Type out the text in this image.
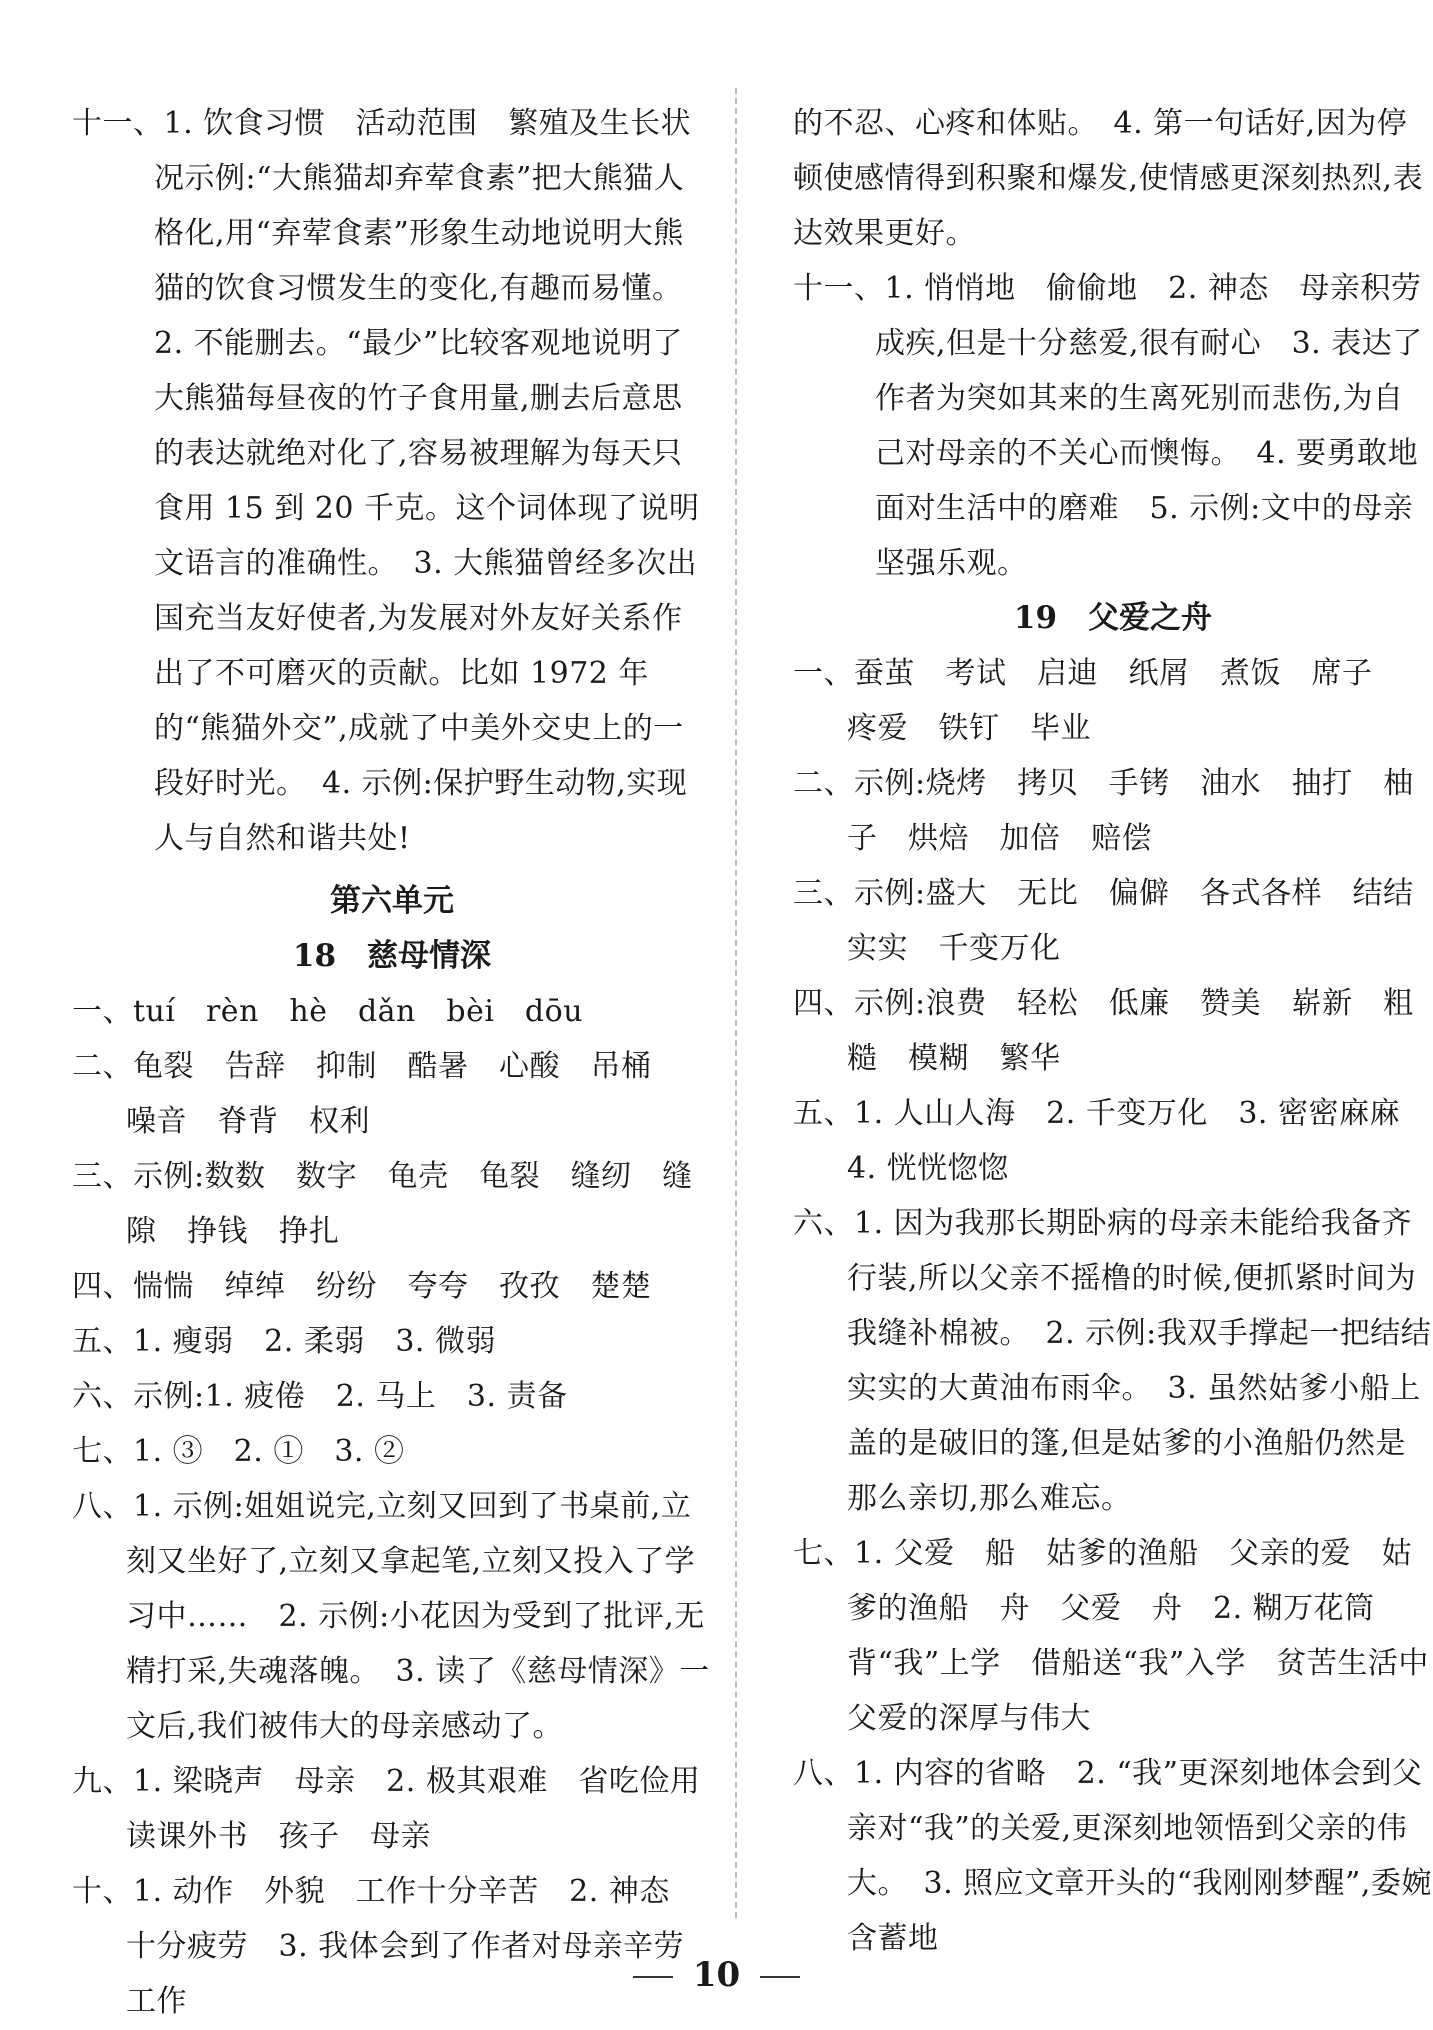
十一、1. 饮食习惯　活动范围　繁殖及生长状况示例:“大熊猫却弃荤食素”把大熊猫人格化,用“弃荤食素”形象生动地说明大熊猫的饮食习惯发生的变化,有趣而易懂。　2. 不能删去。“最少”比较客观地说明了大熊猫每昼夜的竹子食用量,删去后意思的表达就绝对化了,容易被理解为每天只食用 15 到 20 千克。这个词体现了说明文语言的准确性。　3. 大熊猫曾经多次出国充当友好使者,为发展对外友好关系作出了不可磨灭的贡献。比如 1972 年的“熊猫外交”,成就了中美外交史上的一段好时光。　4. 示例:保护野生动物,实现人与自然和谐共处!

第六单元

18　慈母情深

一、tuí　rèn　hè　dǎn　bèi　dōu

二、龟裂　告辞　抑制　酷暑　心酸　吊桶　噪音　脊背　权利

三、示例:数数　数字　龟壳　龟裂　缝纫　缝隙　挣钱　挣扎

四、惴惴　绰绰　纷纷　夸夸　孜孜　楚楚

五、1. 瘦弱　2. 柔弱　3. 微弱

六、示例:1. 疲倦　2. 马上　3. 责备

七、1. ③　2. ①　3. ②

八、1. 示例:姐姐说完,立刻又回到了书桌前,立刻又坐好了,立刻又拿起笔,立刻又投入了学习中……　2. 示例:小花因为受到了批评,无精打采,失魂落魄。　3. 读了《慈母情深》一文后,我们被伟大的母亲感动了。

九、1. 梁晓声　母亲　2. 极其艰难　省吃俭用　读课外书　孩子　母亲

十、1. 动作　外貌　工作十分辛苦　2. 神态　十分疲劳　3. 我体会到了作者对母亲辛劳工作

的不忍、心疼和体贴。　4. 第一句话好,因为停顿使感情得到积聚和爆发,使情感更深刻热烈,表达效果更好。

十一、1. 悄悄地　偷偷地　2. 神态　母亲积劳成疾,但是十分慈爱,很有耐心　3. 表达了作者为突如其来的生离死别而悲伤,为自己对母亲的不关心而懊悔。　4. 要勇敢地面对生活中的磨难　5. 示例:文中的母亲坚强乐观。

19　父爱之舟

一、蚕茧　考试　启迪　纸屑　煮饭　席子　疼爱　铁钉　毕业

二、示例:烧烤　拷贝　手铐　油水　抽打　柚子　烘焙　加倍　赔偿

三、示例:盛大　无比　偏僻　各式各样　结结实实　千变万化

四、示例:浪费　轻松　低廉　赞美　崭新　粗糙　模糊　繁华

五、1. 人山人海　2. 千变万化　3. 密密麻麻　4. 恍恍惚惚

六、1. 因为我那长期卧病的母亲未能给我备齐行装,所以父亲不摇橹的时候,便抓紧时间为我缝补棉被。　2. 示例:我双手撑起一把结结实实的大黄油布雨伞。　3. 虽然姑爹小船上盖的是破旧的篷,但是姑爹的小渔船仍然是那么亲切,那么难忘。

七、1. 父爱　船　姑爹的渔船　父亲的爱　姑爹的渔船　舟　父爱　舟　2. 糊万花筒　背“我”上学　借船送“我”入学　贫苦生活中父爱的深厚与伟大

八、1. 内容的省略　2. “我”更深刻地体会到父亲对“我”的关爱,更深刻地领悟到父亲的伟大。　3. 照应文章开头的“我刚刚梦醒”,委婉含蓄地

10
